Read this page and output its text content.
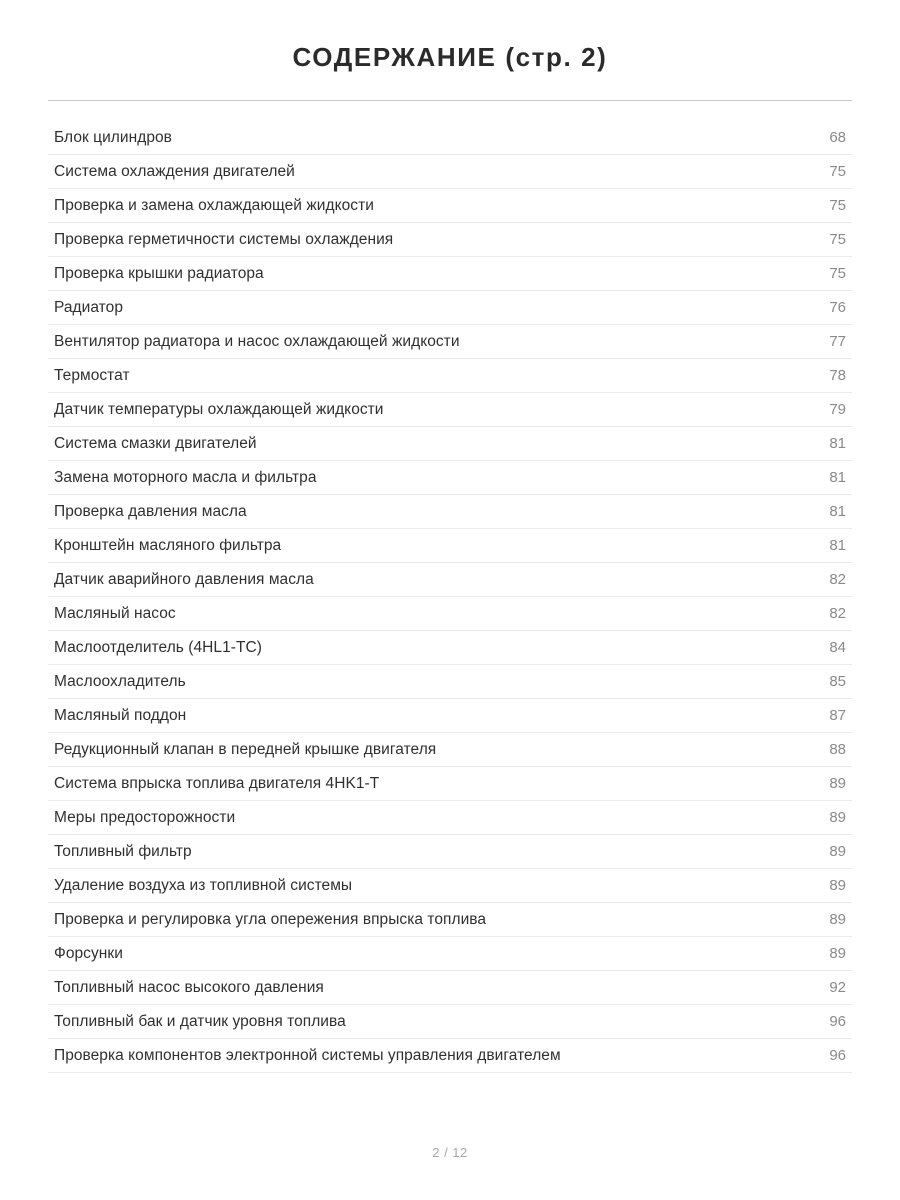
СОДЕРЖАНИЕ (стр. 2)
Блок цилиндров	68
Система охлаждения двигателей	75
Проверка и замена охлаждающей жидкости	75
Проверка герметичности системы охлаждения	75
Проверка крышки радиатора	75
Радиатор	76
Вентилятор радиатора и насос охлаждающей жидкости	77
Термостат	78
Датчик температуры охлаждающей жидкости	79
Система смазки двигателей	81
Замена моторного масла и фильтра	81
Проверка давления масла	81
Кронштейн масляного фильтра	81
Датчик аварийного давления масла	82
Масляный насос	82
Маслоотделитель (4HL1-TC)	84
Маслоохладитель	85
Масляный поддон	87
Редукционный клапан в передней крышке двигателя	88
Система впрыска топлива двигателя 4HK1-T	89
Меры предосторожности	89
Топливный фильтр	89
Удаление воздуха из топливной системы	89
Проверка и регулировка угла опережения впрыска топлива	89
Форсунки	89
Топливный насос высокого давления	92
Топливный бак и датчик уровня топлива	96
Проверка компонентов электронной системы управления двигателем	96
2 / 12
